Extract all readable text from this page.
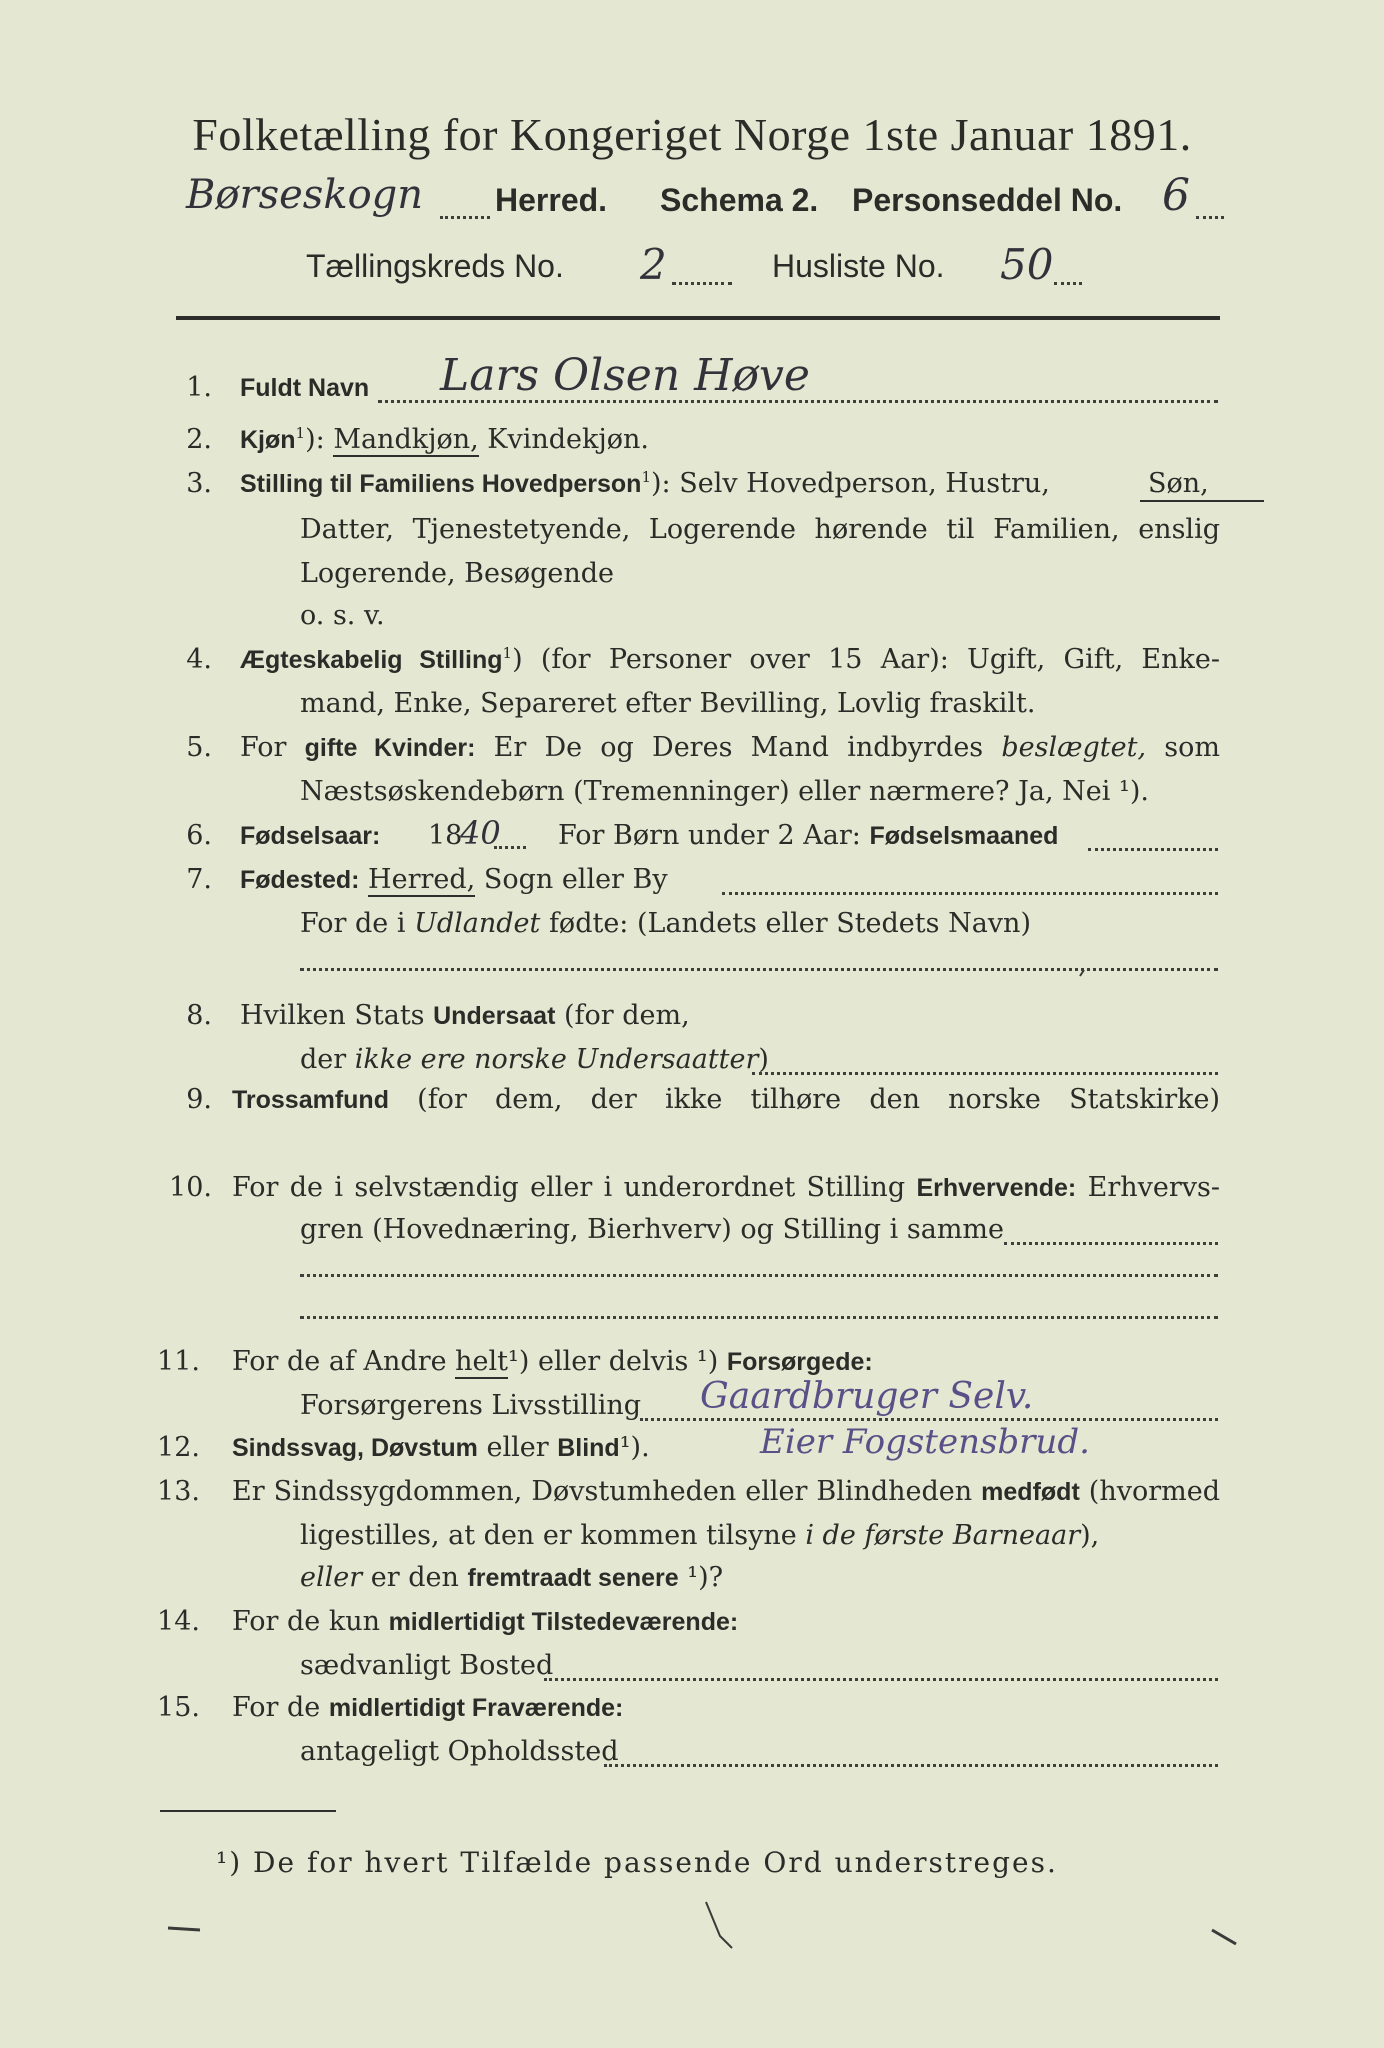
Folketælling for Kongeriget Norge 1ste Januar 1891.
Børseskogn Herred. Schema 2. Personseddel No. 6
Tællingskreds No. 2	Husliste No. 50
1. Fuldt Navn Lars Olsen Høve
2. Kjøn$^1$): Mandkjøn, Kvindekjøn.
3. Stilling til Familiens Hovedperson$^1$): Selv Hovedperson, Hustru,	Søn,
Datter, Tjenestetyende, Logerende hørende til Familien, enslig
Logerende, Besøgende
o. s. v.
4. Ægteskabelig Stilling$^1$) (for Personer over 15 Aar): Ugift, Gift, Enke-
mand, Enke, Separeret efter Bevilling, Lovlig fraskilt.
5. For gifte Kvinder: Er De og Deres Mand indbyrdes beslægtet, som
Næstsøskendebørn (Tremenninger) eller nærmere? Ja, Nei ¹).
6. Fødselsaar: 18
40 For Børn under 2 Aar: Fødselsmaaned
7. Fødested: Herred, Sogn eller By
For de i Udlandet fødte: (Landets eller Stedets Navn)
8. Hvilken Stats Undersaat (for dem,
der ikke ere norske Undersaatter)
9. Trossamfund (for dem, der ikke tilhøre den norske Statskirke)
10. For de i selvstændig eller i underordnet Stilling Erhvervende: Erhvervs-
gren (Hovednæring, Bierhverv) og Stilling i samme
11. For de af Andre helt¹) eller delvis ¹) Forsørgede:
Forsørgerens Livsstilling Gaardbruger Selv.
12. Sindssvag, Døvstum eller Blind¹).	Eier Fogstensbrud.
13. Er Sindssygdommen, Døvstumheden eller Blindheden medfødt (hvormed
ligestilles, at den er kommen tilsyne i de første Barneaar),
eller er den fremtraadt senere ¹)?
14. For de kun midlertidigt Tilstedeværende:
sædvanligt Bosted
15. For de midlertidigt Fraværende:
antageligt Opholdssted
¹) De for hvert Tilfælde passende Ord understreges.
